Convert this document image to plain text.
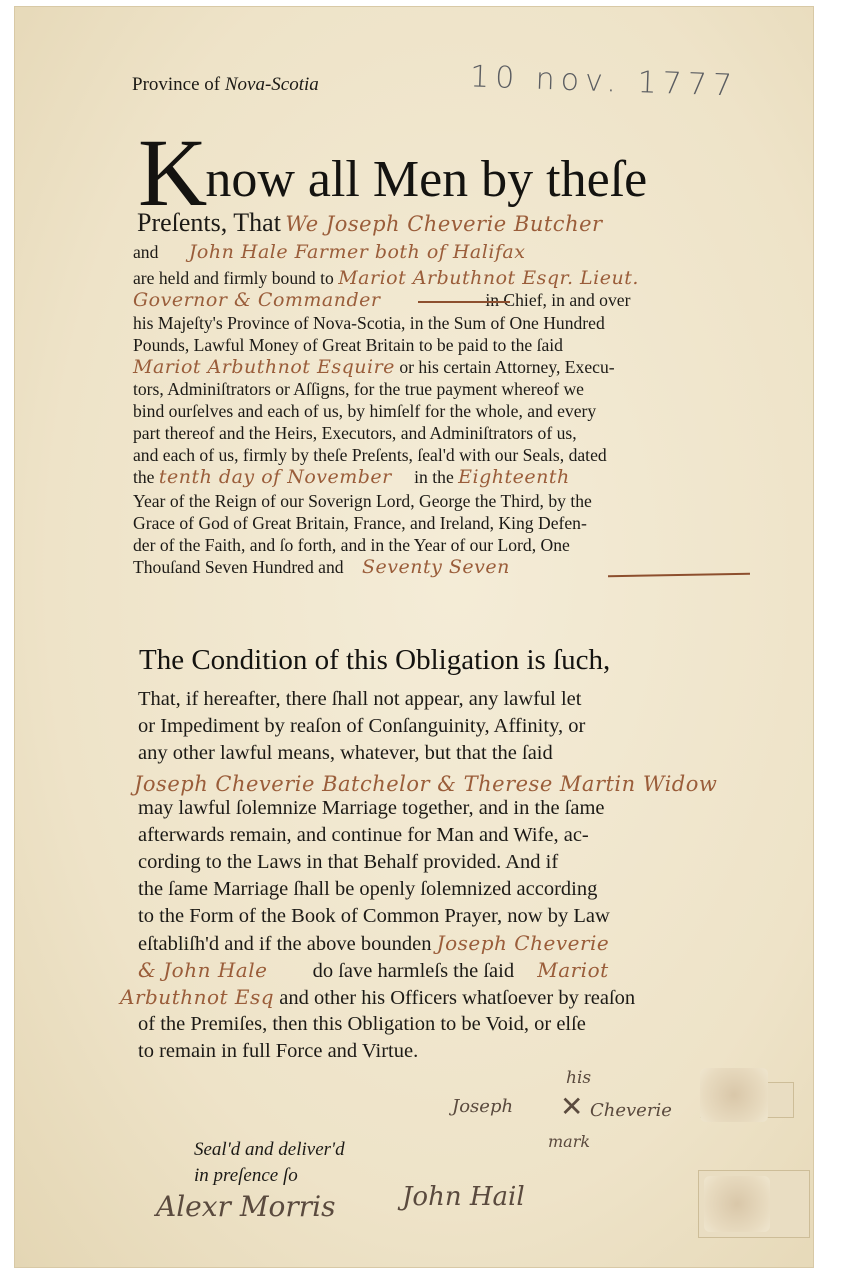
Province of Nova-Scotia	10 nov. 1777
Know all Men by theſe
Preſents, That We Joseph Cheverie Butcher
and John Hale Farmer both of Halifax
are held and firmly bound to Mariot Arbuthnot Esqr. Lieut.
Governor & Commander	in Chief, in and over
his Majeſty's Province of Nova-Scotia, in the Sum of One Hundred
Pounds, Lawful Money of Great Britain to be paid to the ſaid
Mariot Arbuthnot Esquire or his certain Attorney, Execu-
tors, Adminiſtrators or Aſſigns, for the true payment whereof we
bind ourſelves and each of us, by himſelf for the whole, and every
part thereof and the Heirs, Executors, and Adminiſtrators of us,
and each of us, firmly by theſe Preſents, ſeal'd with our Seals, dated
the tenth day of November in the Eighteenth
Year of the Reign of our Soverign Lord, George the Third, by the
Grace of God of Great Britain, France, and Ireland, King Defen-
der of the Faith, and ſo forth, and in the Year of our Lord, One
Thouſand Seven Hundred and Seventy Seven
The Condition of this Obligation is ſuch,
That, if hereafter, there ſhall not appear, any lawful let
or Impediment by reaſon of Conſanguinity, Affinity, or
any other lawful means, whatever, but that the ſaid
Joseph Cheverie Batchelor & Therese Martin Widow
may lawful ſolemnize Marriage together, and in the ſame
afterwards remain, and continue for Man and Wife, ac-
cording to the Laws in that Behalf provided. And if
the ſame Marriage ſhall be openly ſolemnized according
to the Form of the Book of Common Prayer, now by Law
eſtabliſh'd and if the above bounden Joseph Cheverie
& John Hale do ſave harmleſs the ſaid Mariot
Arbuthnot Esq and other his Officers whatſoever by reaſon
of the Premiſes, then this Obligation to be Void, or elſe
to remain in full Force and Virtue.
Seal'd and deliver'd
in preſence ſo
Alexr Morris	John Hail
Joseph
his
✕ Cheverie
mark
